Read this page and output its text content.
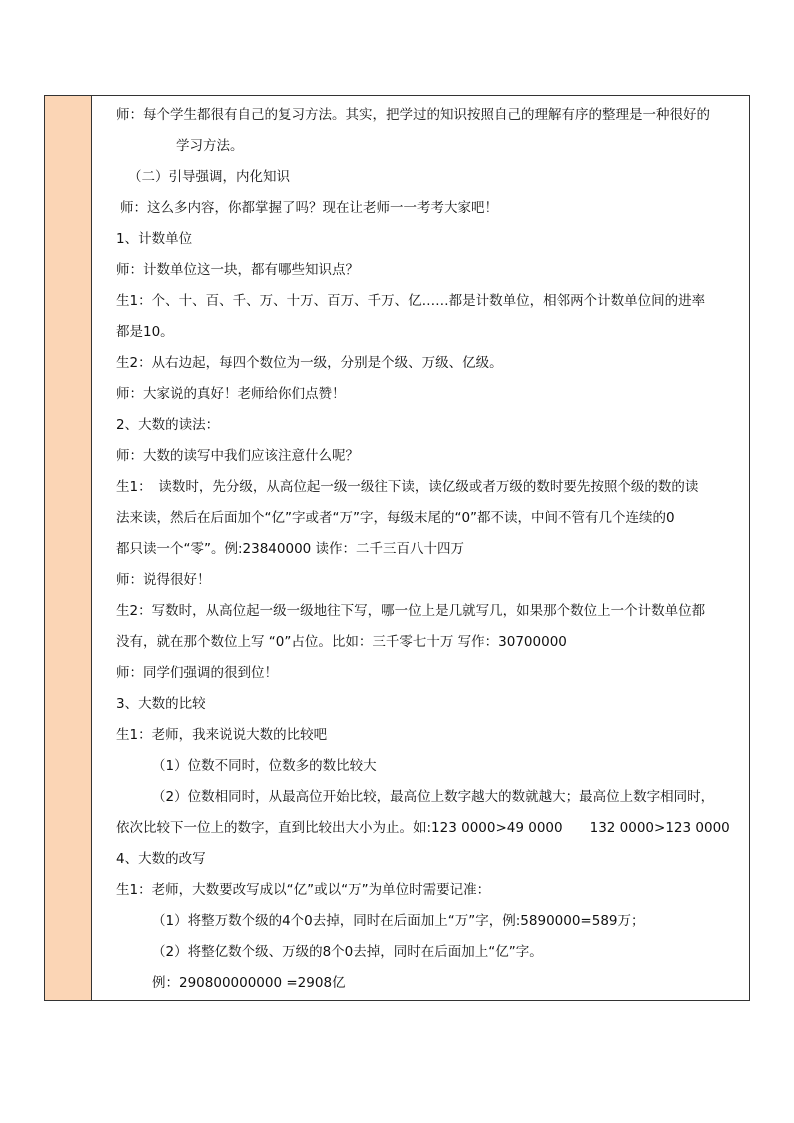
师：每个学生都很有自己的复习方法。其实，把学过的知识按照自己的理解有序的整理是一种很好的
学习方法。
（二）引导强调，内化知识
师：这么多内容，你都掌握了吗？现在让老师一一考考大家吧！
1、计数单位
师：计数单位这一块，都有哪些知识点？
生1：个、十、百、千、万、十万、百万、千万、亿……都是计数单位，相邻两个计数单位间的进率
都是10。
生2：从右边起，每四个数位为一级，分别是个级、万级、亿级。
师：大家说的真好！老师给你们点赞！
2、大数的读法：
师：大数的读写中我们应该注意什么呢？
生1：　读数时，先分级，从高位起一级一级往下读，读亿级或者万级的数时要先按照个级的数的读
法来读，然后在后面加个“亿”字或者“万”字，每级末尾的“0”都不读，中间不管有几个连续的0
都只读一个“零”。例:23840000 读作：二千三百八十四万
师：说得很好！
生2：写数时，从高位起一级一级地往下写，哪一位上是几就写几，如果那个数位上一个计数单位都
没有，就在那个数位上写 “0”占位。比如：三千零七十万 写作：30700000
师：同学们强调的很到位！
3、大数的比较
生1：老师，我来说说大数的比较吧
（1）位数不同时，位数多的数比较大
（2）位数相同时，从最高位开始比较，最高位上数字越大的数就越大；最高位上数字相同时，
依次比较下一位上的数字，直到比较出大小为止。如:123 0000>49 0000　　132 0000>123 0000
4、大数的改写
生1：老师，大数要改写成以“亿”或以“万”为单位时需要记准：
（1）将整万数个级的4个0去掉，同时在后面加上“万”字，例:5890000=589万；
（2）将整亿数个级、万级的8个0去掉，同时在后面加上“亿”字。
例：290800000000 =2908亿
